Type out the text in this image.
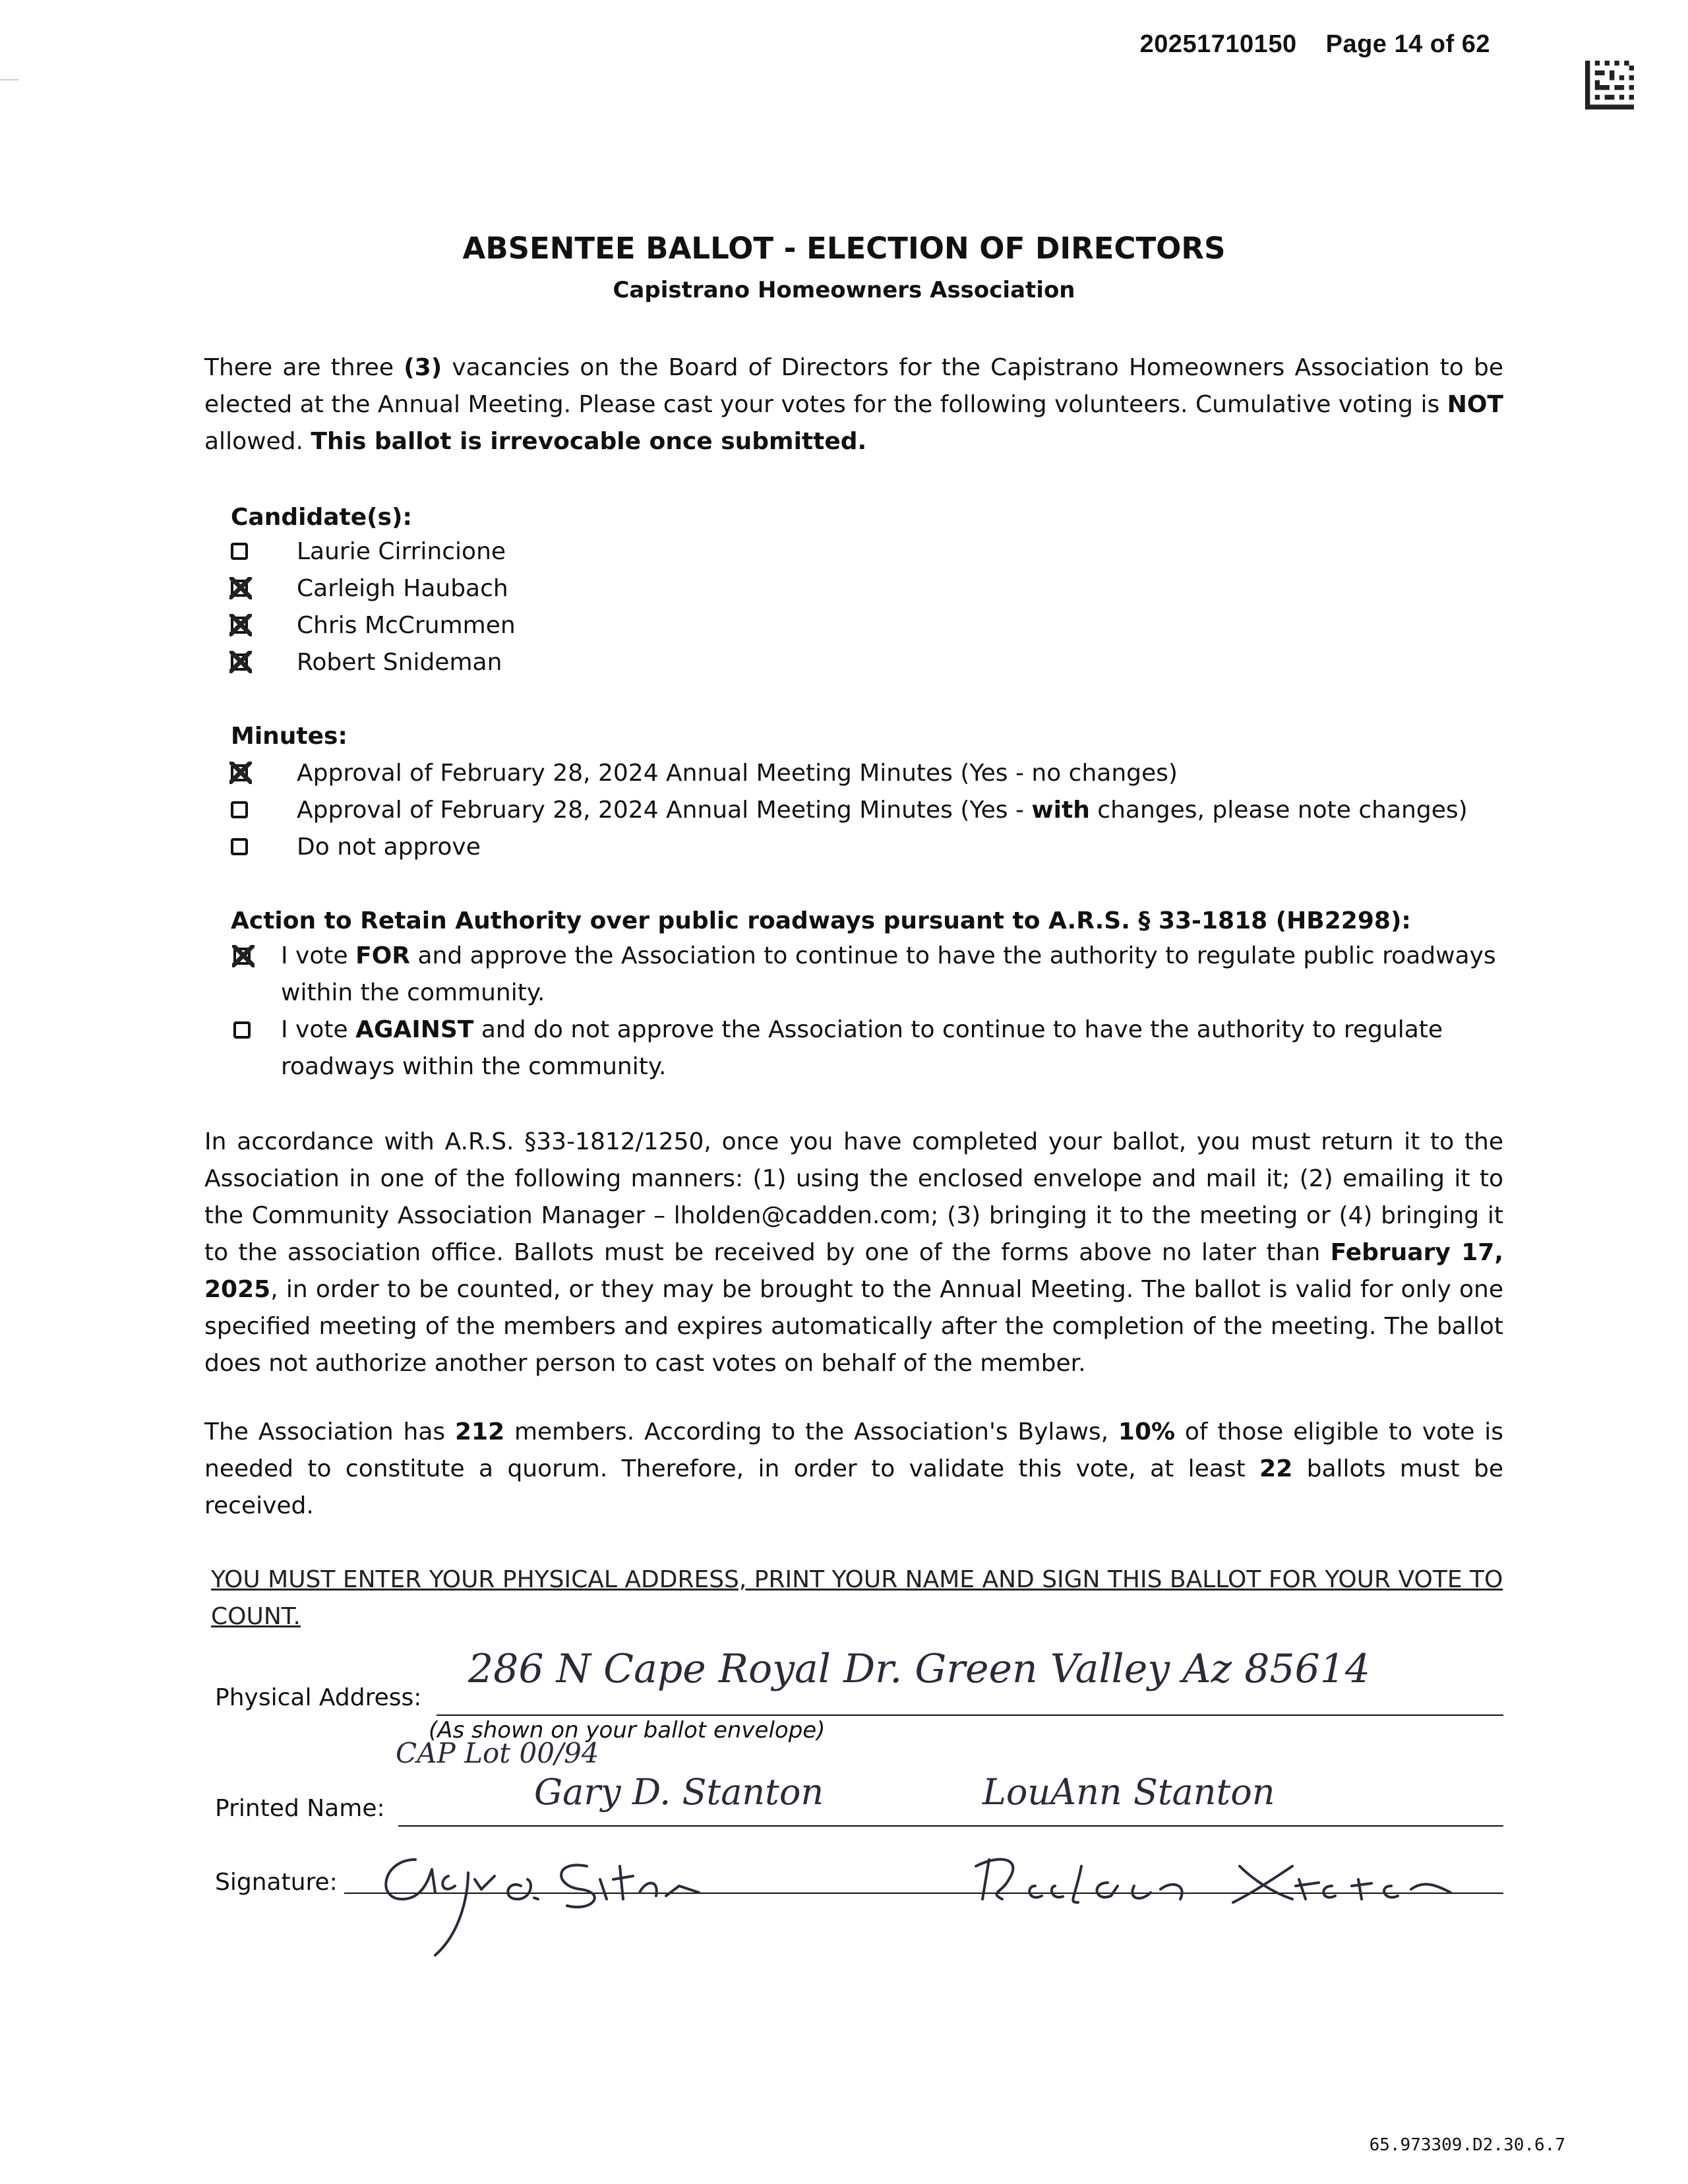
20251710150 Page 14 of 62
ABSENTEE BALLOT - ELECTION OF DIRECTORS
Capistrano Homeowners Association
There are three (3) vacancies on the Board of Directors for the Capistrano Homeowners Association to be elected at the Annual Meeting. Please cast your votes for the following volunteers. Cumulative voting is NOT allowed. This ballot is irrevocable once submitted.
Candidate(s):
Laurie Cirrincione
Carleigh Haubach
Chris McCrummen
Robert Snideman
Minutes:
Approval of February 28, 2024 Annual Meeting Minutes (Yes - no changes)
Approval of February 28, 2024 Annual Meeting Minutes (Yes - with changes, please note changes)
Do not approve
Action to Retain Authority over public roadways pursuant to A.R.S. § 33-1818 (HB2298):
I vote FOR and approve the Association to continue to have the authority to regulate public roadways within the community.
I vote AGAINST and do not approve the Association to continue to have the authority to regulate roadways within the community.
In accordance with A.R.S. §33-1812/1250, once you have completed your ballot, you must return it to the Association in one of the following manners: (1) using the enclosed envelope and mail it; (2) emailing it to the Community Association Manager – lholden@cadden.com; (3) bringing it to the meeting or (4) bringing it to the association office. Ballots must be received by one of the forms above no later than February 17, 2025, in order to be counted, or they may be brought to the Annual Meeting. The ballot is valid for only one specified meeting of the members and expires automatically after the completion of the meeting. The ballot does not authorize another person to cast votes on behalf of the member.
The Association has 212 members. According to the Association's Bylaws, 10% of those eligible to vote is needed to constitute a quorum. Therefore, in order to validate this vote, at least 22 ballots must be received.
YOU MUST ENTER YOUR PHYSICAL ADDRESS, PRINT YOUR NAME AND SIGN THIS BALLOT FOR YOUR VOTE TO COUNT.
Physical Address:
286 N Cape Royal Dr. Green Valley Az 85614
(As shown on your ballot envelope)
CAP Lot 00/94
Printed Name:	Gary D. Stanton	LouAnn Stanton
Signature:
65.973309.D2.30.6.7
